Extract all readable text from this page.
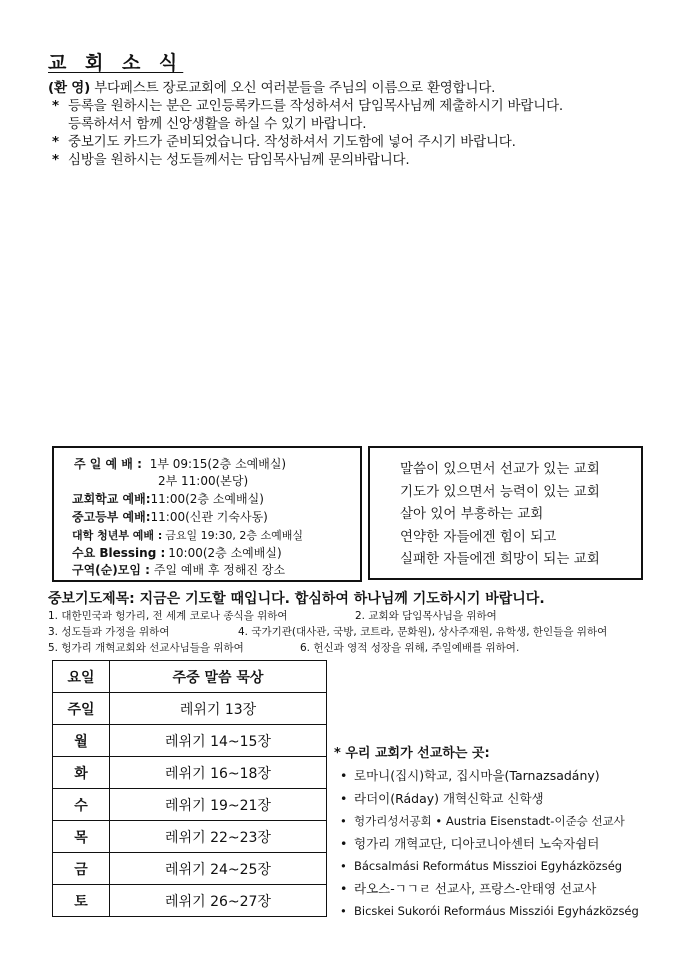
교 회 소 식
(환 영) 부다페스트 장로교회에 오신 여러분들을 주님의 이름으로 환영합니다.
* 등록을 원하시는 분은 교인등록카드를 작성하셔서 담임목사님께 제출하시기 바랍니다.
등록하셔서 함께 신앙생활을 하실 수 있기 바랍니다.
* 중보기도 카드가 준비되었습니다. 작성하셔서 기도함에 넣어 주시기 바랍니다.
* 심방을 원하시는 성도들께서는 담임목사님께 문의바랍니다.
주 일 예 배 : 1부 09:15(2층 소예배실)
2부 11:00(본당)
교회학교 예배:11:00(2층 소예배실)
중고등부 예배:11:00(신관 기숙사동)
대학 청년부 예배 : 금요일 19:30, 2층 소예배실
수요 Blessing : 10:00(2층 소예배실)
구역(순)모임 : 주일 예배 후 정해진 장소
말씀이 있으면서 선교가 있는 교회
기도가 있으면서 능력이 있는 교회
살아 있어 부흥하는 교회
연약한 자들에겐 힘이 되고
실패한 자들에겐 희망이 되는 교회
중보기도제목: 지금은 기도할 때입니다. 합심하여 하나님께 기도하시기 바랍니다.
1. 대한민국과 헝가리, 전 세계 코로나 종식을 위하여	2. 교회와 담임목사님을 위하여
3. 성도들과 가정을 위하여	4. 국가기관(대사관, 국방, 코트라, 문화원), 상사주재원, 유학생, 한인들을 위하여
5. 헝가리 개혁교회와 선교사님들을 위하여	6. 헌신과 영적 성장을 위해, 주일예배를 위하여.
요일	주중 말씀 묵상
주일	레위기 13장
월	레위기 14~15장
화	레위기 16~18장
수	레위기 19~21장
목	레위기 22~23장
금	레위기 24~25장
토	레위기 26~27장
* 우리 교회가 선교하는 곳:
• 로마니(집시)학교, 집시마을(Tarnazsadány)
• 라더이(Ráday) 개혁신학교 신학생
• 헝가리성서공회 • Austria Eisenstadt-이준승 선교사
• 헝가리 개혁교단, 디아코니아센터 노숙자쉼터
• Bácsalmási Református Misszioi Egyházközség
• 라오스-ㄱㄱㄹ 선교사, 프랑스-안태영 선교사
• Bicskei Sukorói Reformáus Missziói Egyházközség
